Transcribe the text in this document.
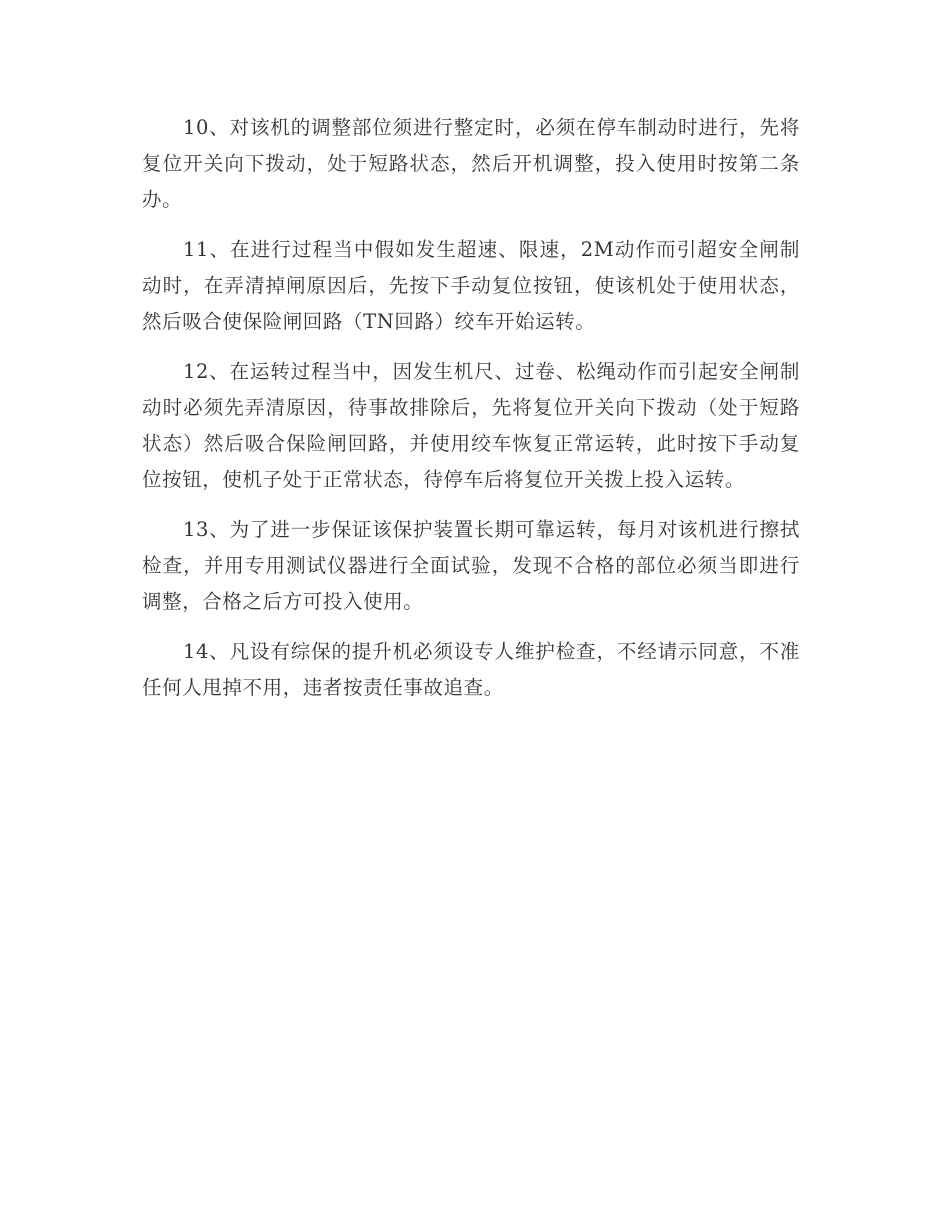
10、对该机的调整部位须进行整定时，必须在停车制动时进行，先将复位开关向下拨动，处于短路状态，然后开机调整，投入使用时按第二条办。

11、在进行过程当中假如发生超速、限速，2M动作而引超安全闸制动时，在弄清掉闸原因后，先按下手动复位按钮，使该机处于使用状态，然后吸合使保险闸回路（TN回路）绞车开始运转。

12、在运转过程当中，因发生机尺、过卷、松绳动作而引起安全闸制动时必须先弄清原因，待事故排除后，先将复位开关向下拨动（处于短路状态）然后吸合保险闸回路，并使用绞车恢复正常运转，此时按下手动复位按钮，使机子处于正常状态，待停车后将复位开关拨上投入运转。

13、为了进一步保证该保护装置长期可靠运转，每月对该机进行擦拭检查，并用专用测试仪器进行全面试验，发现不合格的部位必须当即进行调整，合格之后方可投入使用。

14、凡设有综保的提升机必须设专人维护检查，不经请示同意，不准任何人甩掉不用，违者按责任事故追查。
